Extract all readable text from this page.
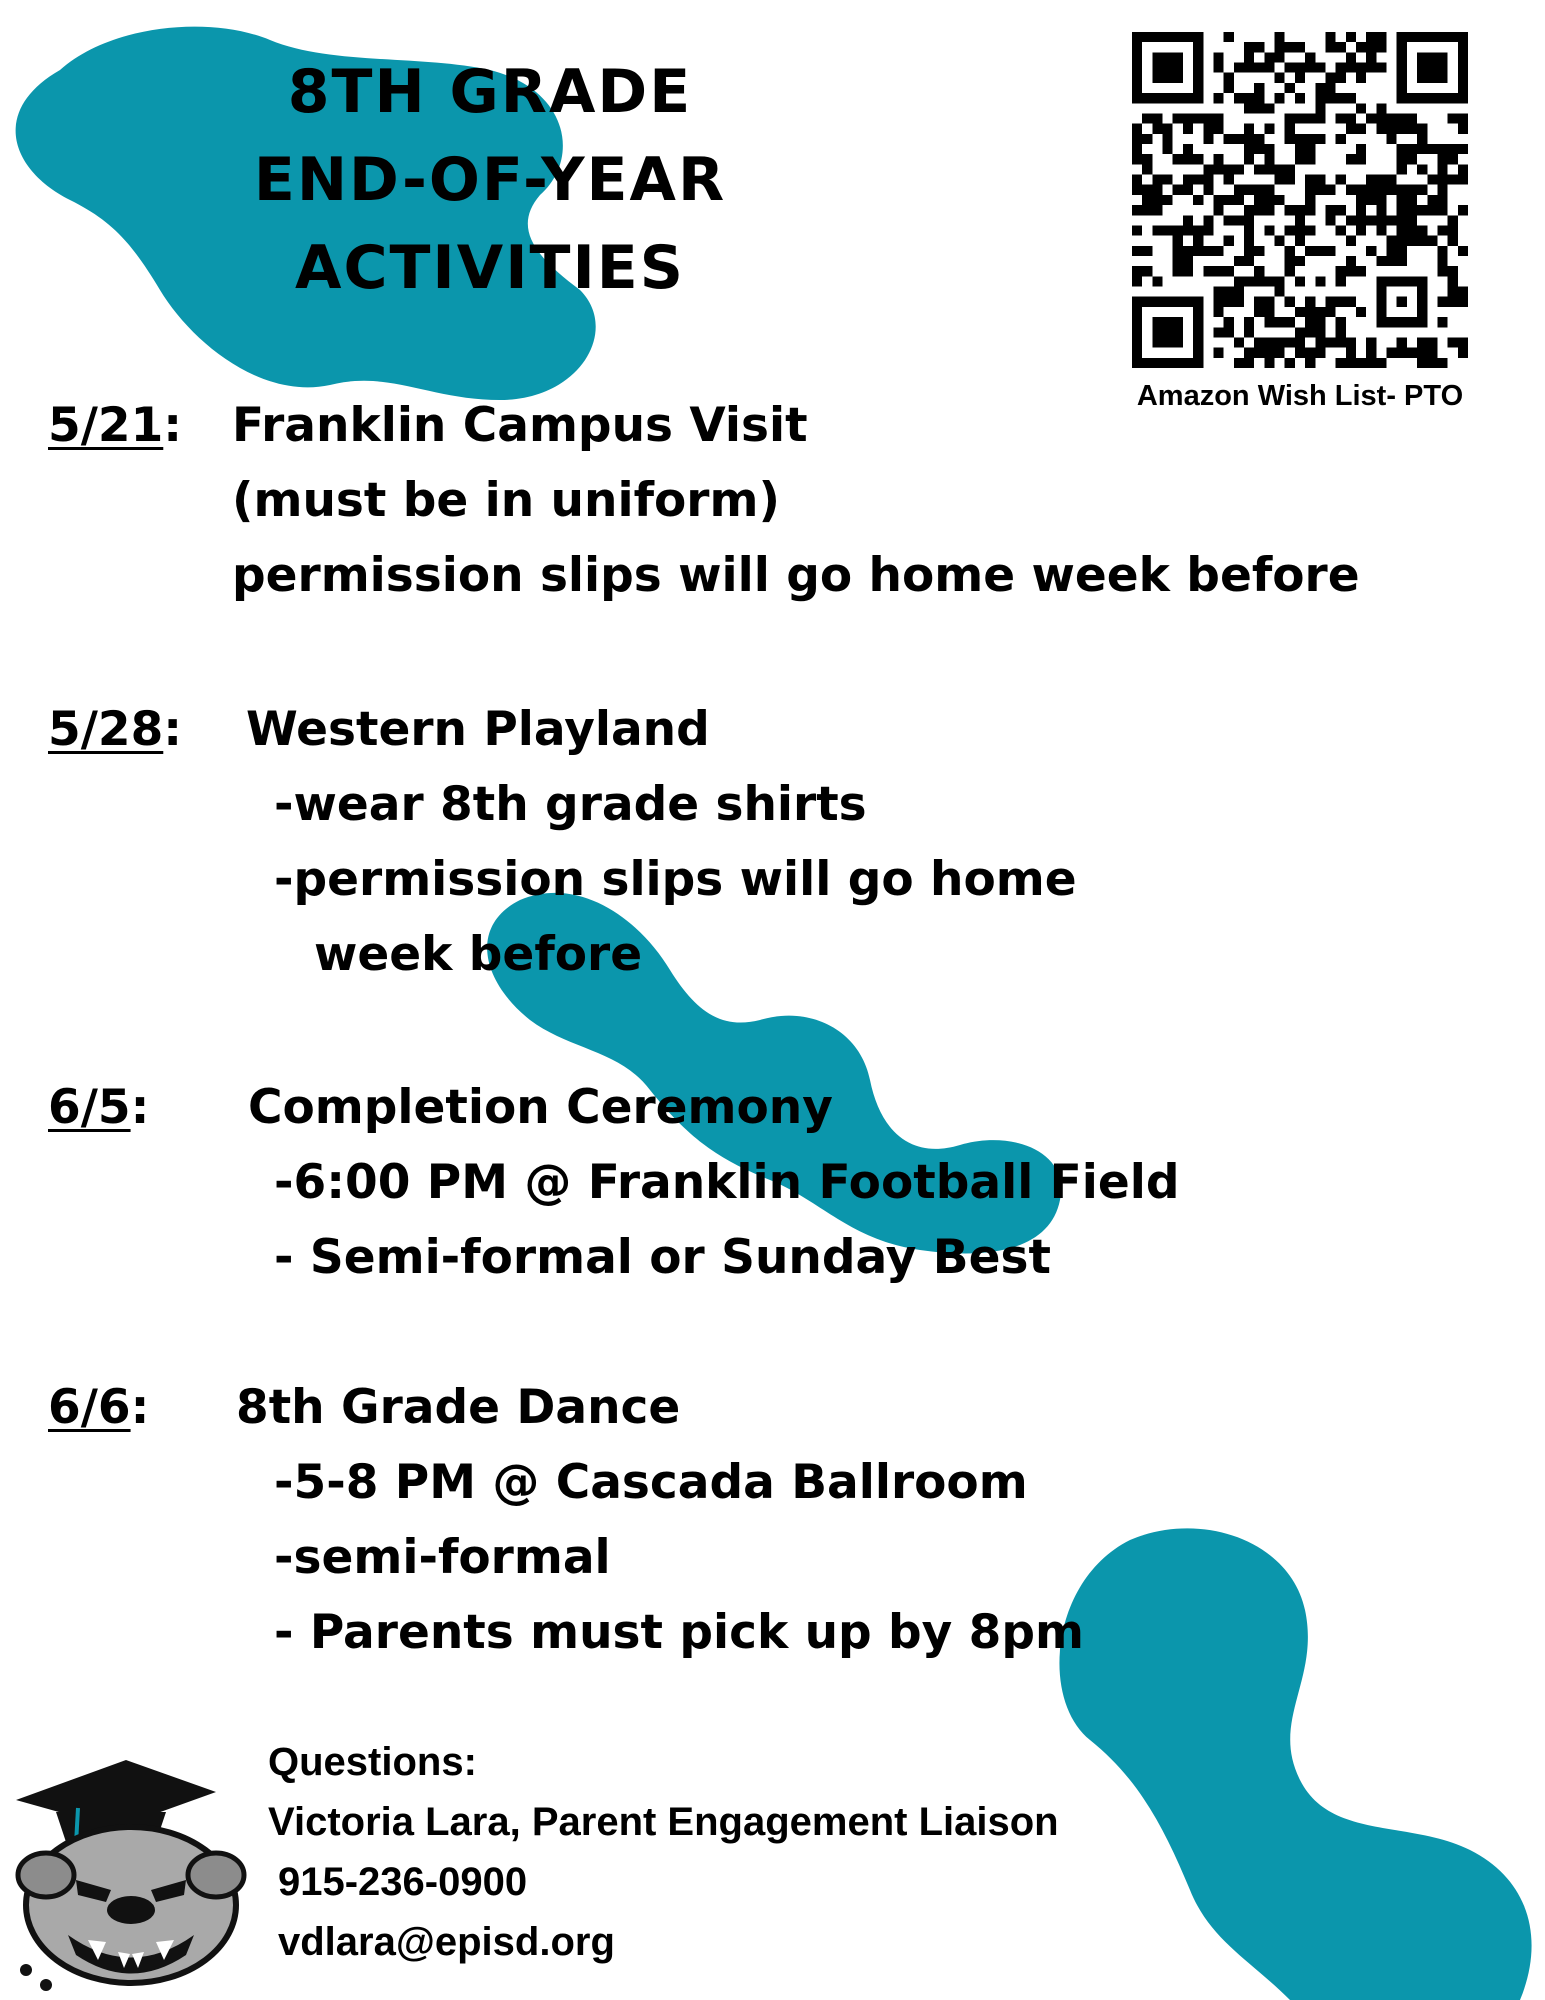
8TH GRADE
END-OF-YEAR
ACTIVITIES
Amazon Wish List- PTO
5/21: Franklin Campus Visit
(must be in uniform)
permission slips will go home week before
5/28: Western Playland
-wear 8th grade shirts
-permission slips will go home
week before
6/5: Completion Ceremony
-6:00 PM @ Franklin Football Field
- Semi-formal or Sunday Best
6/6: 8th Grade Dance
-5-8 PM @ Cascada Ballroom
-semi-formal
- Parents must pick up by 8pm
Questions:
Victoria Lara, Parent Engagement Liaison
915-236-0900
vdlara@episd.org
